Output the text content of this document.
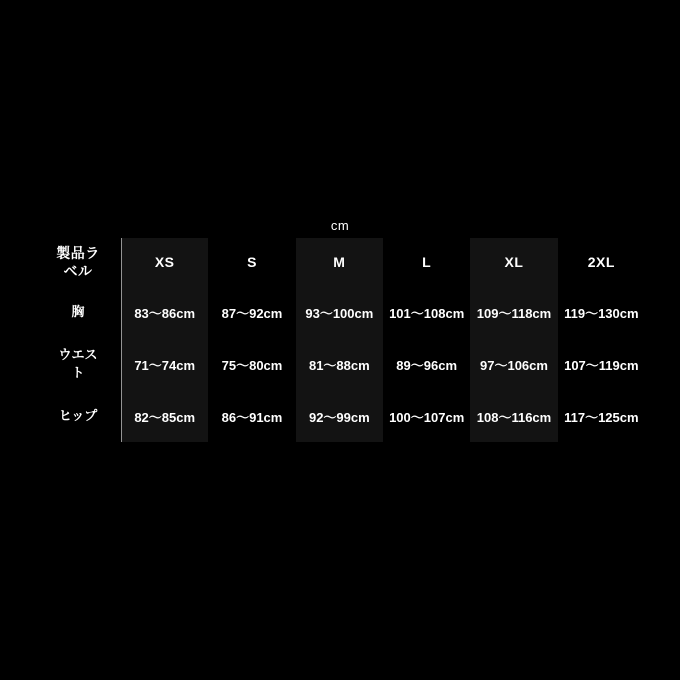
cm
製品ラ
ベル	XS	S	M	L	XL	2XL
胸	83〜86cm	87〜92cm	93〜100cm	101〜108cm	109〜118cm	119〜130cm
ウエス
ト	71〜74cm	75〜80cm	81〜88cm	89〜96cm	97〜106cm	107〜119cm
ヒップ	82〜85cm	86〜91cm	92〜99cm	100〜107cm	108〜116cm	117〜125cm
